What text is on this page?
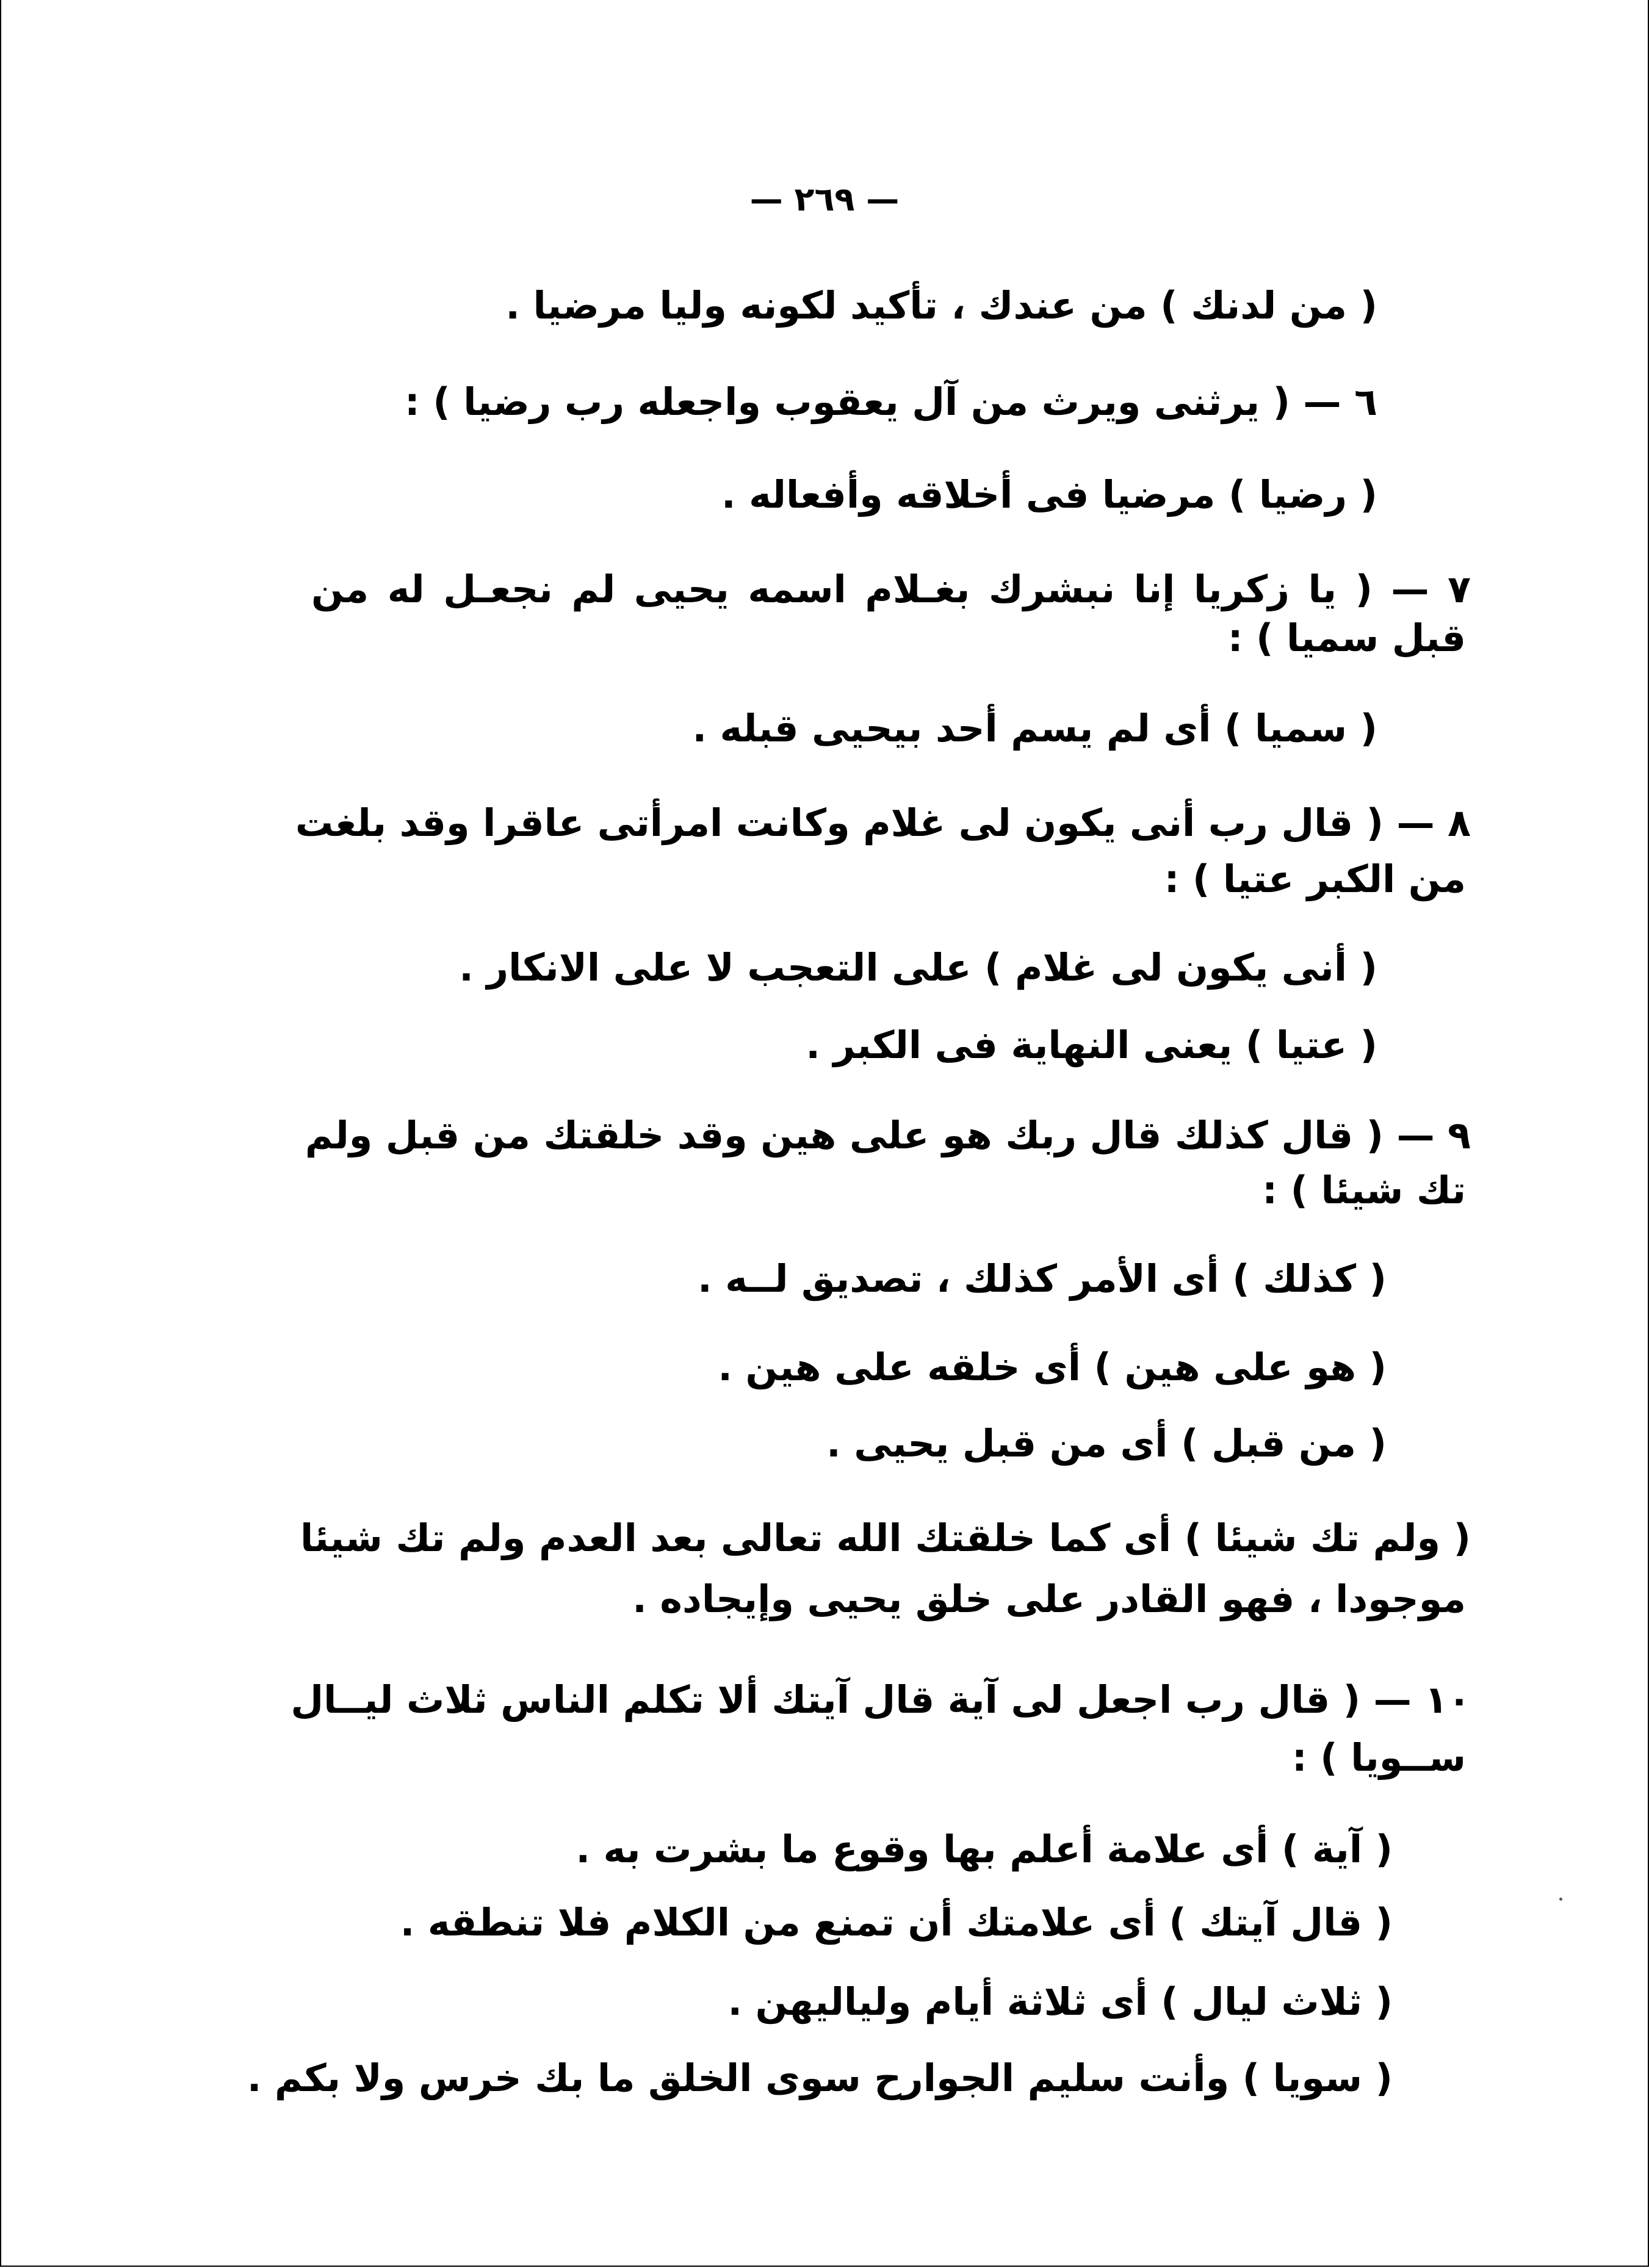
— ٢٦٩ —
( من لدنك ) من عندك ، تأكيد لكونه وليا مرضيا .
٦ — ( يرثنى ويرث من آل يعقوب واجعله رب رضيا ) :
( رضيا ) مرضيا فى أخلاقه وأفعاله .
٧ — ( يا زكريا إنا نبشرك بغـلام اسمه يحيى لم نجعـل له من
قبل سميا ) :
( سميا ) أى لم يسم أحد بيحيى قبله .
٨ — ( قال رب أنى يكون لى غلام وكانت امرأتى عاقرا وقد بلغت
من الكبر عتيا ) :
( أنى يكون لى غلام ) على التعجب لا على الانكار .
( عتيا ) يعنى النهاية فى الكبر .
٩ — ( قال كذلك قال ربك هو على هين وقد خلقتك من قبل ولم
تك شيئا ) :
( كذلك ) أى الأمر كذلك ، تصديق لــه .
( هو على هين ) أى خلقه على هين .
( من قبل ) أى من قبل يحيى .
( ولم تك شيئا ) أى كما خلقتك الله تعالى بعد العدم ولم تك شيئا
موجودا ، فهو القادر على خلق يحيى وإيجاده .
١٠ — ( قال رب اجعل لى آية قال آيتك ألا تكلم الناس ثلاث ليــال
ســويا ) :
( آية ) أى علامة أعلم بها وقوع ما بشرت به .
( قال آيتك ) أى علامتك أن تمنع من الكلام فلا تنطقه .
( ثلاث ليال ) أى ثلاثة أيام ولياليهن .
( سويا ) وأنت سليم الجوارح سوى الخلق ما بك خرس ولا بكم .
